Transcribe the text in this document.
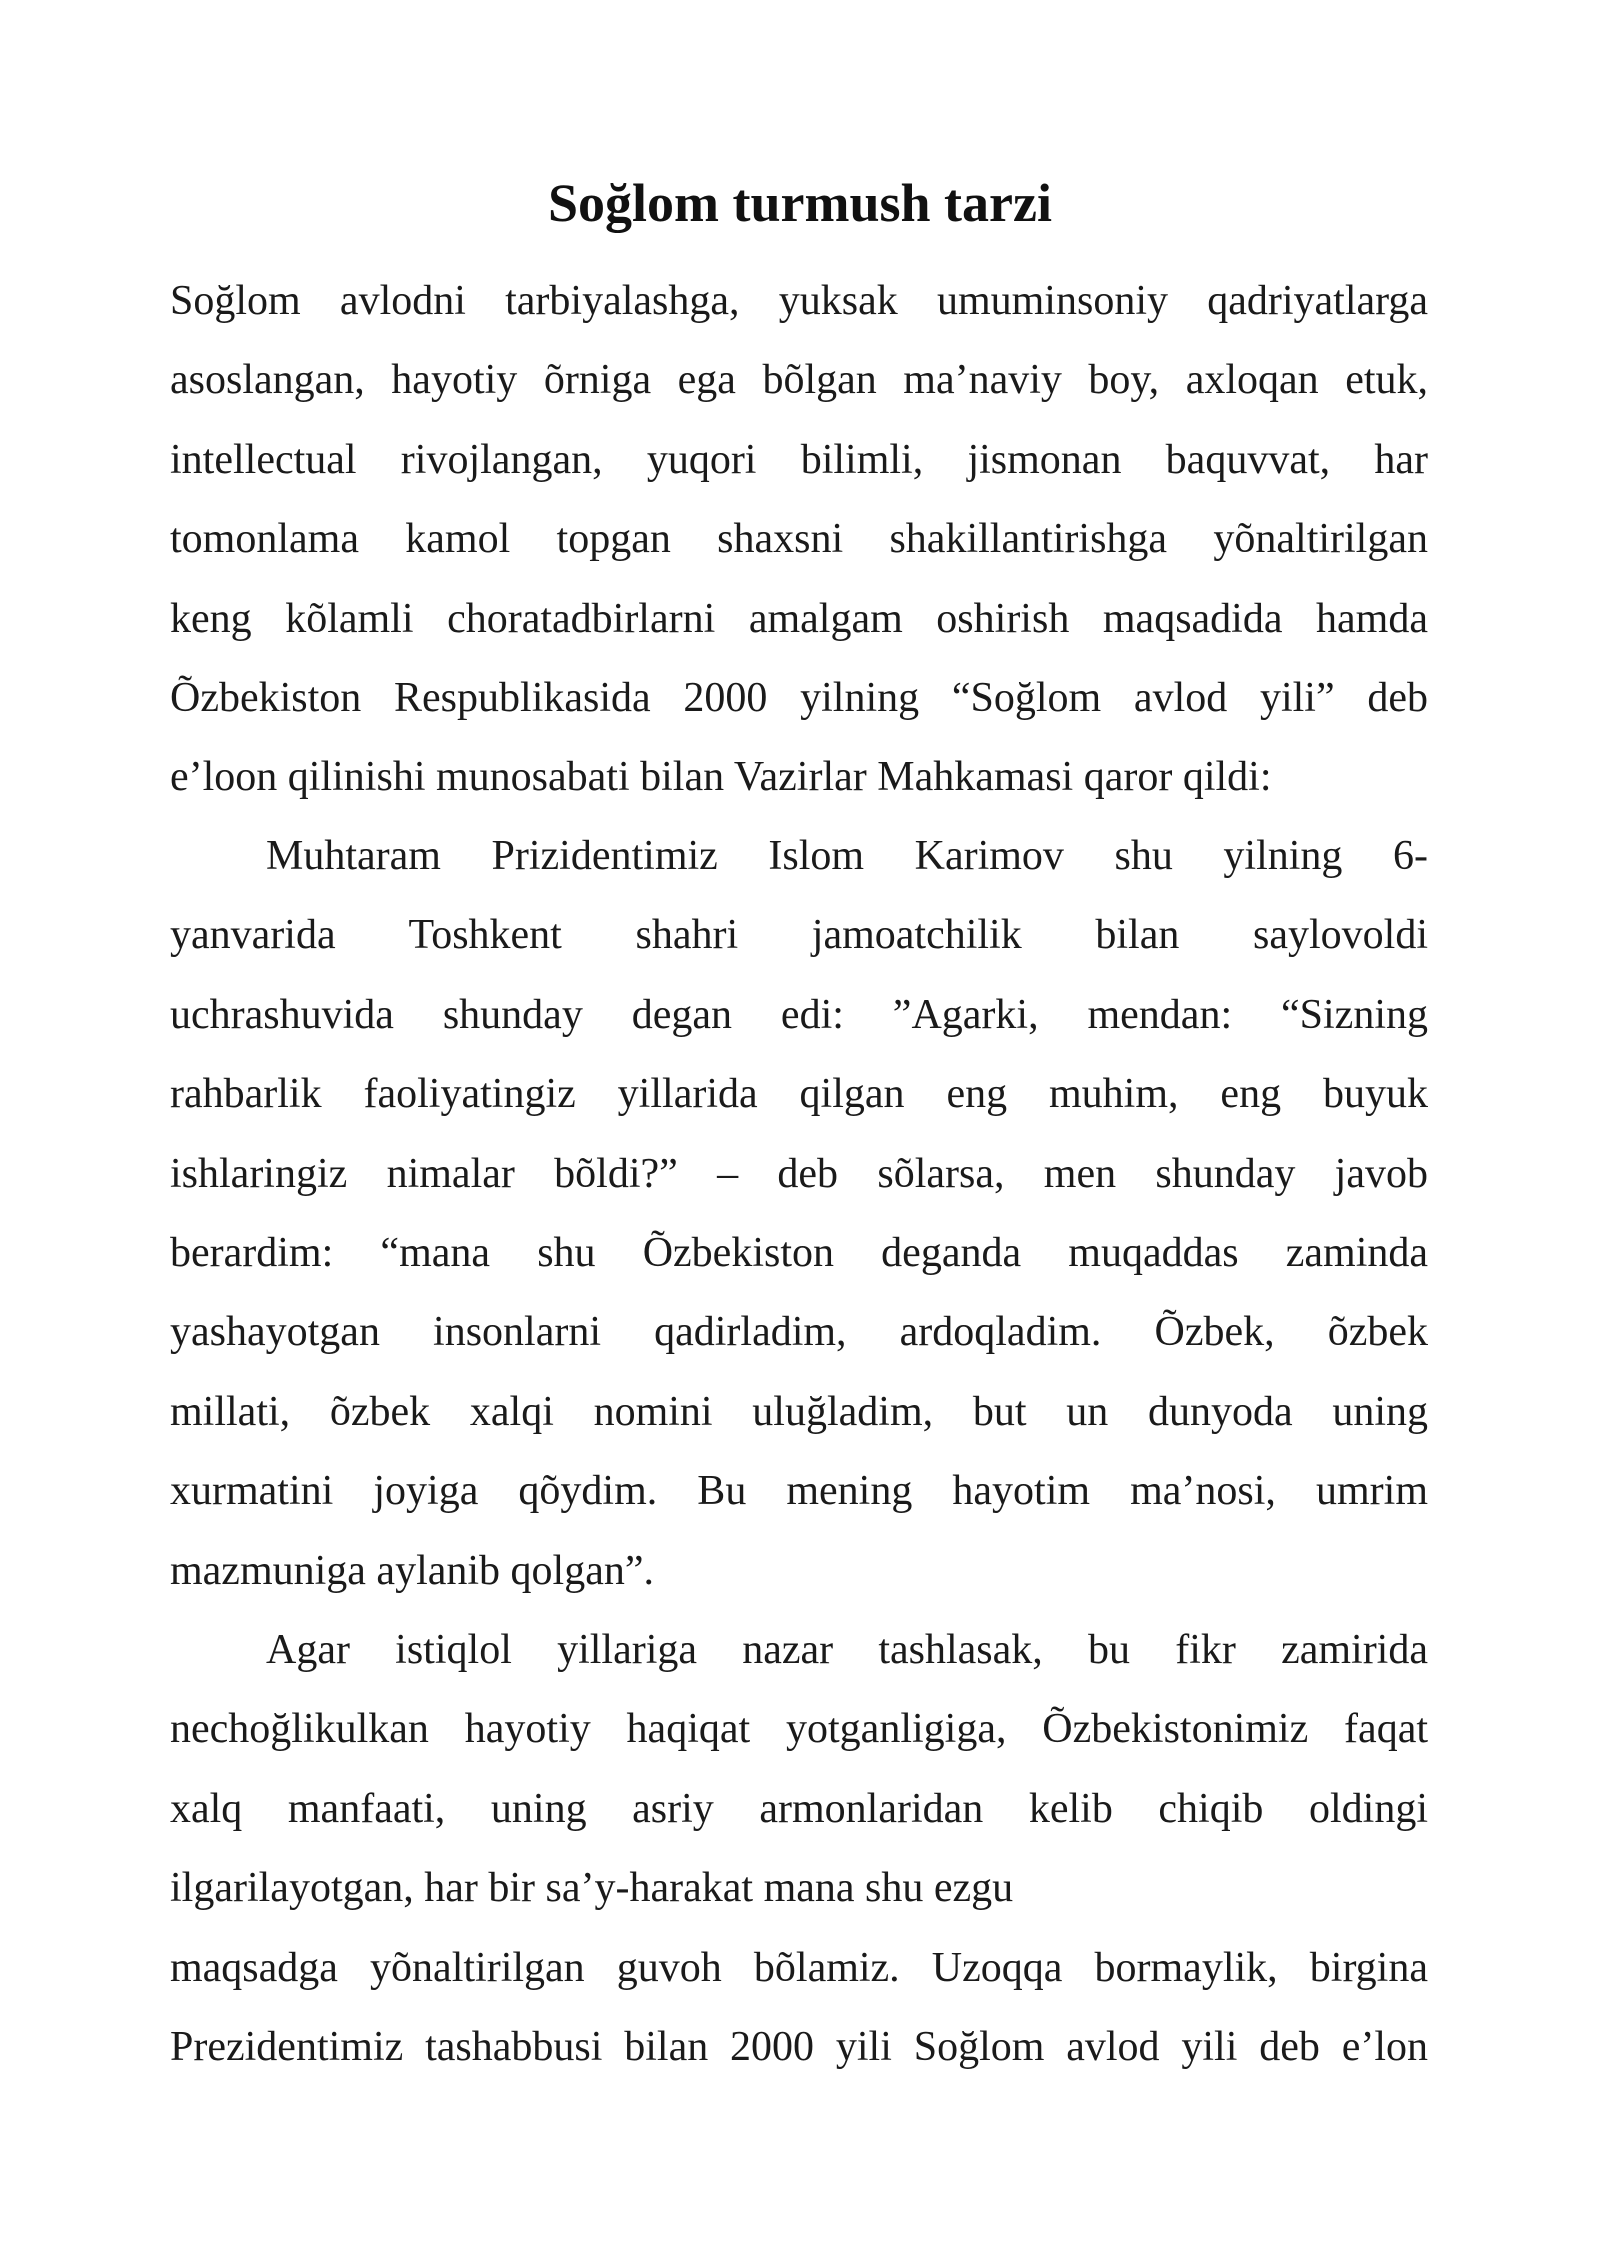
Soğlom turmush tarzi
Soğlom avlodni tarbiyalashga, yuksak umuminsoniy qadriyatlarga
asoslangan, hayotiy õrniga ega bõlgan ma’naviy boy, axloqan etuk,
intellectual rivojlangan, yuqori bilimli, jismonan baquvvat, har
tomonlama kamol topgan shaxsni shakillantirishga yõnaltirilgan
keng kõlamli choratadbirlarni amalgam oshirish maqsadida hamda
Õzbekiston Respublikasida 2000 yilning “Soğlom avlod yili” deb
e’loon qilinishi munosabati bilan Vazirlar Mahkamasi qaror qildi:
Muhtaram Prizidentimiz Islom Karimov shu yilning 6-
yanvarida Toshkent shahri jamoatchilik bilan saylovoldi
uchrashuvida shunday degan edi: ”Agarki, mendan: “Sizning
rahbarlik faoliyatingiz yillarida qilgan eng muhim, eng buyuk
ishlaringiz nimalar bõldi?” – deb sõlarsa, men shunday javob
berardim: “mana shu Õzbekiston deganda muqaddas zaminda
yashayotgan insonlarni qadirladim, ardoqladim. Õzbek, õzbek
millati, õzbek xalqi nomini uluğladim, but un dunyoda uning
xurmatini joyiga qõydim. Bu mening hayotim ma’nosi, umrim
mazmuniga aylanib qolgan”.
Agar istiqlol yillariga nazar tashlasak, bu fikr zamirida
nechoğlikulkan hayotiy haqiqat yotganligiga, Õzbekistonimiz faqat
xalq manfaati, uning asriy armonlaridan kelib chiqib oldingi
ilgarilayotgan, har bir sa’y-harakat mana shu ezgu
maqsadga yõnaltirilgan guvoh bõlamiz. Uzoqqa bormaylik, birgina
Prezidentimiz tashabbusi bilan 2000 yili Soğlom avlod yili deb e’lon
